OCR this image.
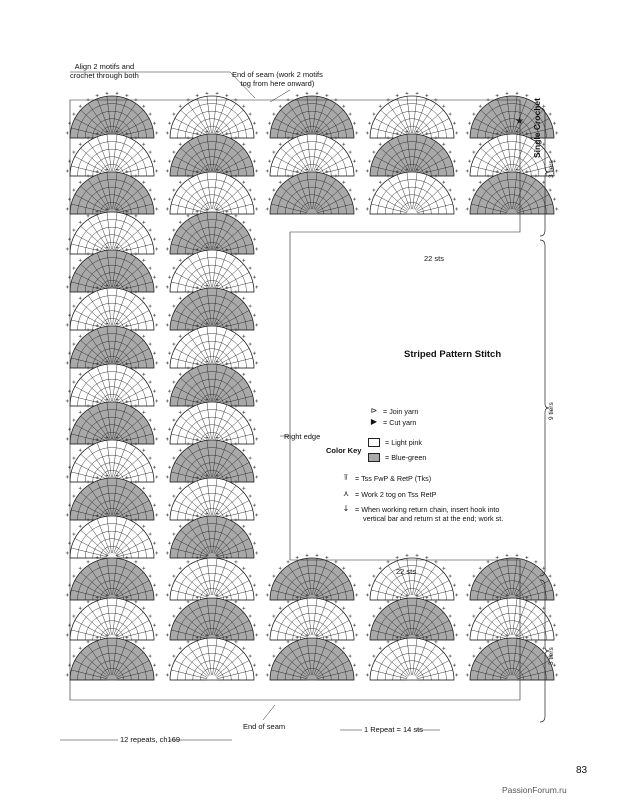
★
Align 2 motifs and
crochet through both	End of seam (work 2 motifs
tog from here onward)
22 sts
22 sts
Right edge
End of seam
12 repeats, ch169
1 Repeat = 14 sts
Striped Pattern Stitch
⊳ = Join yarn
▶ = Cut yarn
Color Key
= Light pink
= Blue-green
⫪ = Tss FwP & RetP (Tks)
⋏ = Work 2 tog on Tss RetP
↓ = When working return chain, insert hook into
vertical bar and return st at the end; work st.
Single Crochet
3 tiers
9 tiers
3 tiers
83
PassionForum.ru
